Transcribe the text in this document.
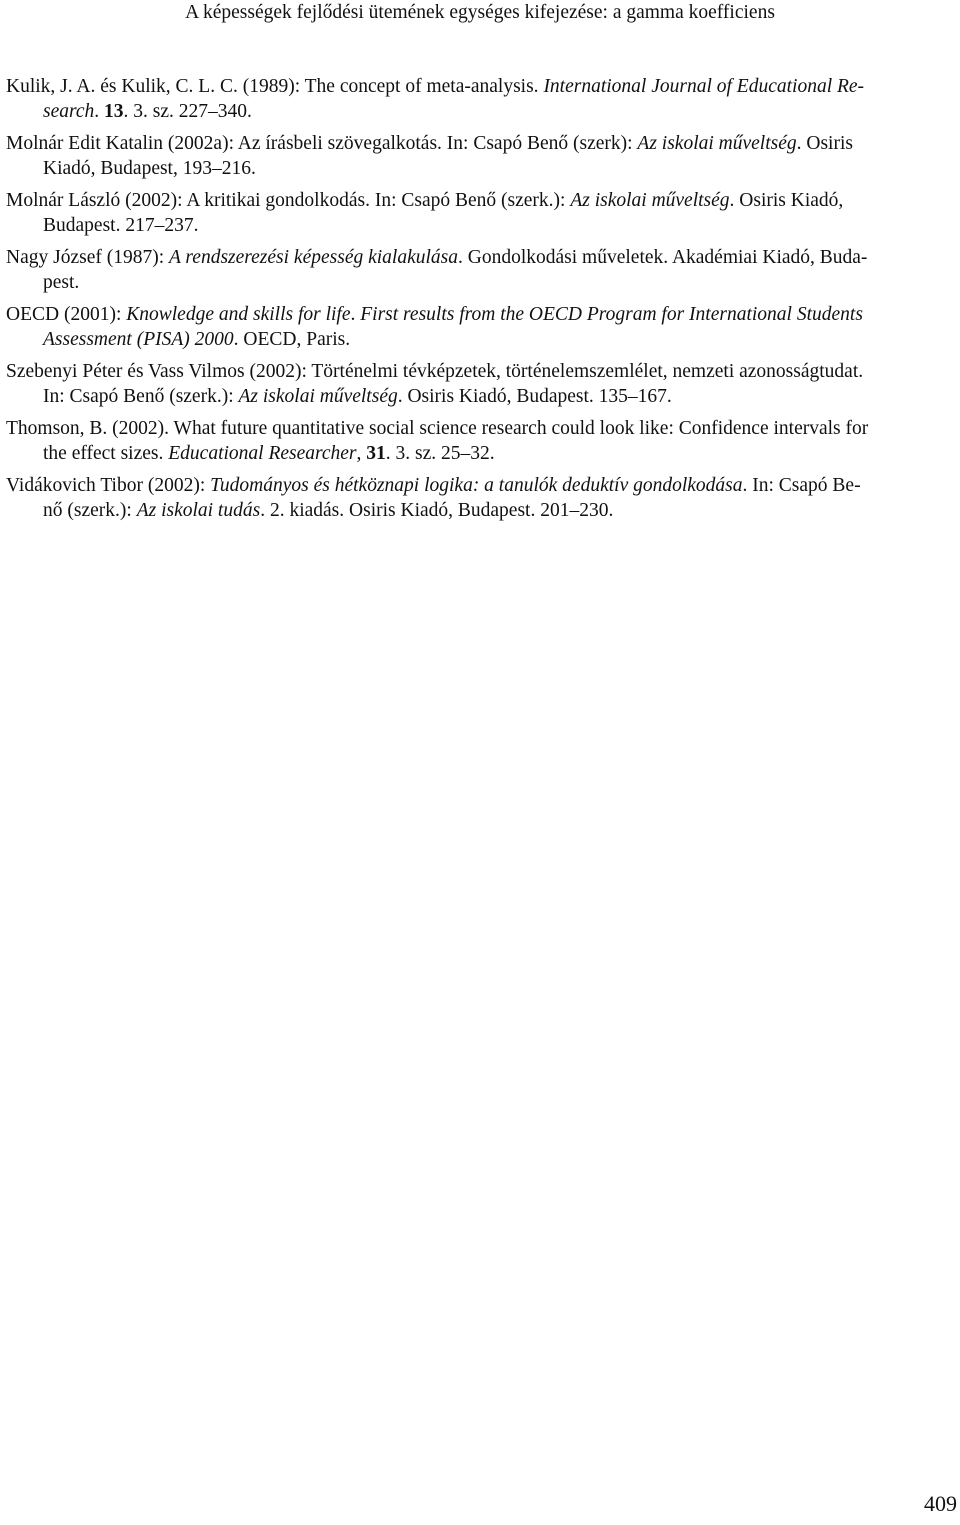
A képességek fejlődési ütemének egységes kifejezése: a gamma koefficiens

Kulik, J. A. és Kulik, C. L. C. (1989): The concept of meta-analysis. International Journal of Educational Re-
search. 13. 3. sz. 227–340.

Molnár Edit Katalin (2002a): Az írásbeli szövegalkotás. In: Csapó Benő (szerk): Az iskolai műveltség. Osiris
Kiadó, Budapest, 193–216.

Molnár László (2002): A kritikai gondolkodás. In: Csapó Benő (szerk.): Az iskolai műveltség. Osiris Kiadó,
Budapest. 217–237.

Nagy József (1987): A rendszerezési képesség kialakulása. Gondolkodási műveletek. Akadémiai Kiadó, Buda-
pest.

OECD (2001): Knowledge and skills for life. First results from the OECD Program for International Students
Assessment (PISA) 2000. OECD, Paris.

Szebenyi Péter és Vass Vilmos (2002): Történelmi tévképzetek, történelemszemlélet, nemzeti azonosságtudat.
In: Csapó Benő (szerk.): Az iskolai műveltség. Osiris Kiadó, Budapest. 135–167.

Thomson, B. (2002). What future quantitative social science research could look like: Confidence intervals for
the effect sizes. Educational Researcher, 31. 3. sz. 25–32.

Vidákovich Tibor (2002): Tudományos és hétköznapi logika: a tanulók deduktív gondolkodása. In: Csapó Be-
nő (szerk.): Az iskolai tudás. 2. kiadás. Osiris Kiadó, Budapest. 201–230.

409
